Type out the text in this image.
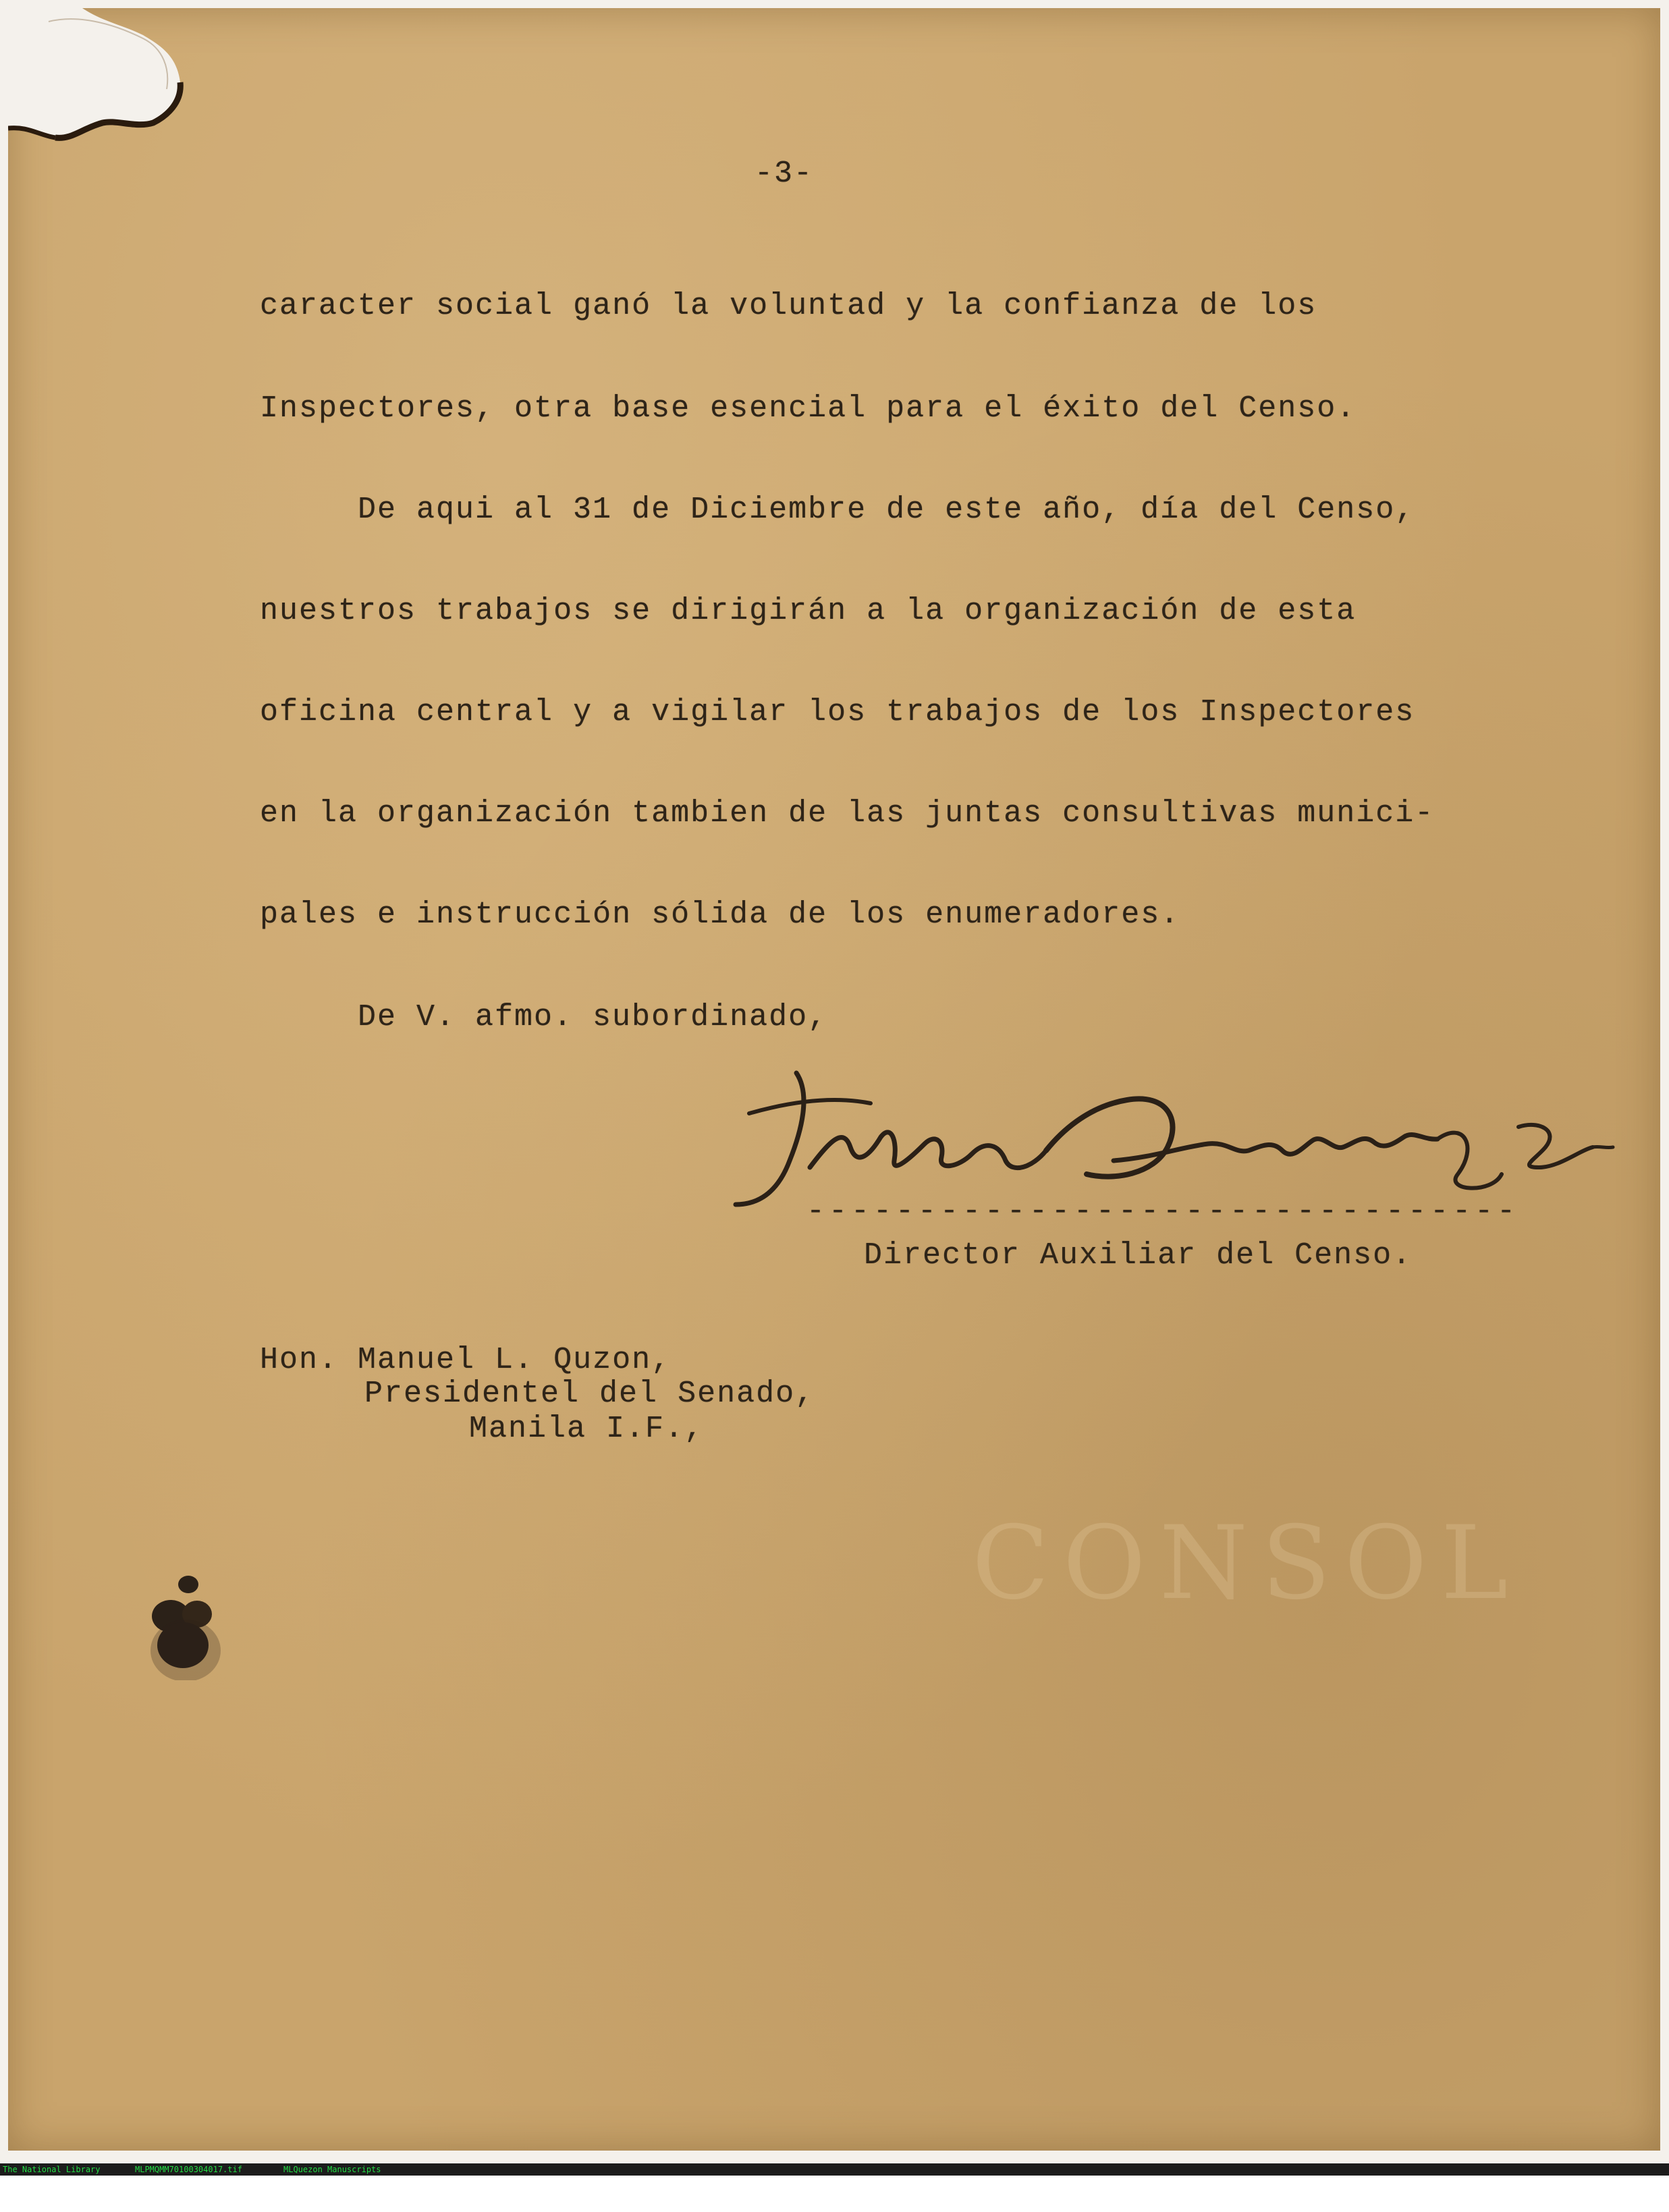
CONSOL
-3-
caracter social ganó la voluntad y la confianza de los
Inspectores, otra base esencial para el éxito del Censo.
De aqui al 31 de Diciembre de este año, día del Censo,
nuestros trabajos se dirigirán a la organización de esta
oficina central y a vigilar los trabajos de los Inspectores
en la organización tambien de las juntas consultivas munici-
pales e instrucción sólida de los enumeradores.
De V. afmo. subordinado,
--------------------------------
Director Auxiliar del Censo.
Hon. Manuel L. Quzon,
Presidentel del Senado,
Manila I.F.,

The National Library

	MLPMQMM70100304017.tif

	MLQuezon Manuscripts
